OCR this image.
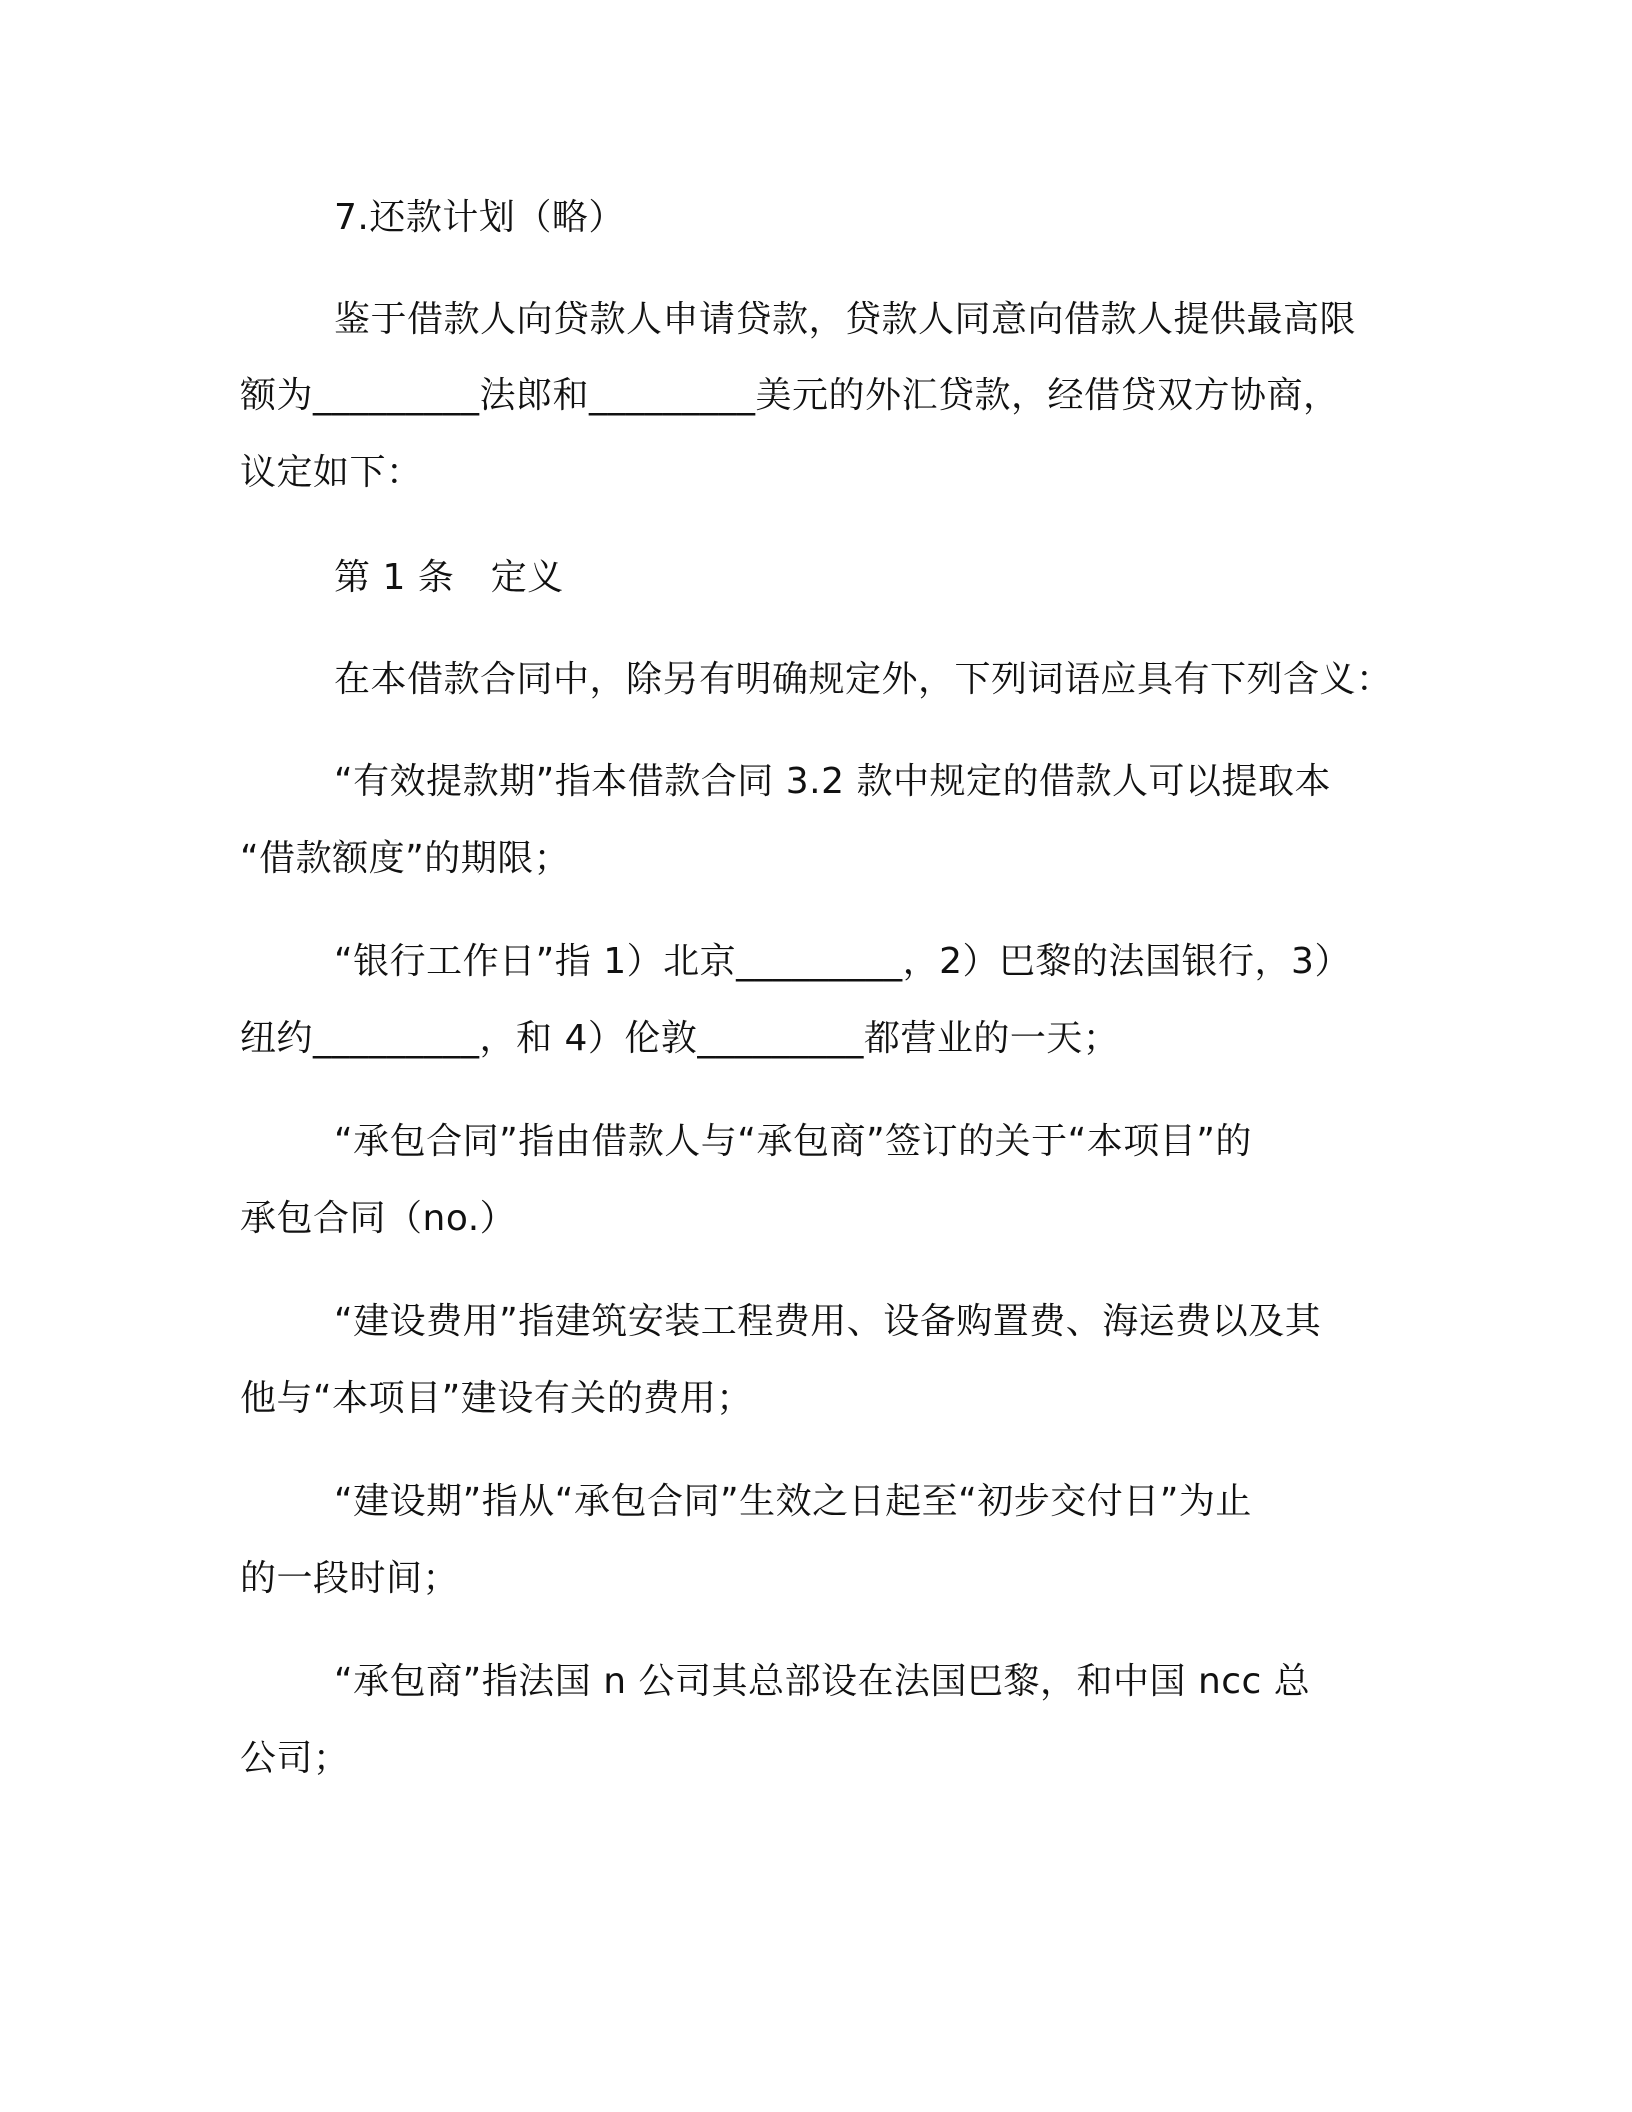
7.还款计划（略）
鉴于借款人向贷款人申请贷款，贷款人同意向借款人提供最高限
额为_________法郎和_________美元的外汇贷款，经借贷双方协商，
议定如下：
第 1 条　定义
在本借款合同中，除另有明确规定外，下列词语应具有下列含义：
“有效提款期”指本借款合同 3.2 款中规定的借款人可以提取本
“借款额度”的期限；
“银行工作日”指 1）北京_________，2）巴黎的法国银行，3）
纽约_________，和 4）伦敦_________都营业的一天；
“承包合同”指由借款人与“承包商”签订的关于“本项目”的
承包合同（no.）
“建设费用”指建筑安装工程费用、设备购置费、海运费以及其
他与“本项目”建设有关的费用；
“建设期”指从“承包合同”生效之日起至“初步交付日”为止
的一段时间；
“承包商”指法国 n 公司其总部设在法国巴黎，和中国 ncc 总
公司；
